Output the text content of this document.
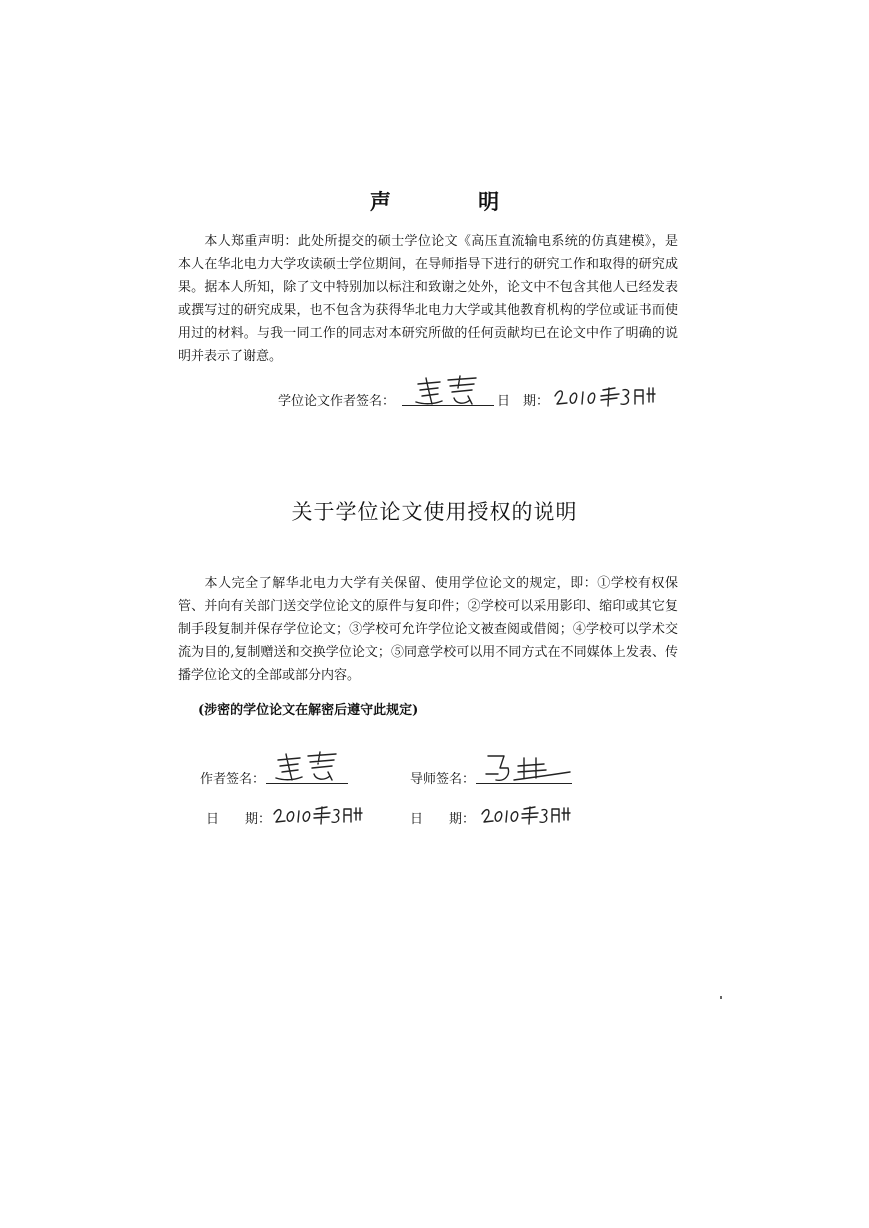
声 明
本人郑重声明：此处所提交的硕士学位论文《高压直流输电系统的仿真建模》，是本人在华北电力大学攻读硕士学位期间，在导师指导下进行的研究工作和取得的研究成果。据本人所知，除了文中特别加以标注和致谢之处外，论文中不包含其他人已经发表或撰写过的研究成果，也不包含为获得华北电力大学或其他教育机构的学位或证书而使用过的材料。与我一同工作的同志对本研究所做的任何贡献均已在论文中作了明确的说明并表示了谢意。
学位论文作者签名：	日　期：
关于学位论文使用授权的说明
本人完全了解华北电力大学有关保留、使用学位论文的规定，即：①学校有权保管、并向有关部门送交学位论文的原件与复印件；②学校可以采用影印、缩印或其它复制手段复制并保存学位论文；③学校可允许学位论文被查阅或借阅；④学校可以学术交流为目的,复制赠送和交换学位论文；⑤同意学校可以用不同方式在不同媒体上发表、传播学位论文的全部或部分内容。
(涉密的学位论文在解密后遵守此规定)
作者签名：	导师签名：
日　　期：	日　　期：
